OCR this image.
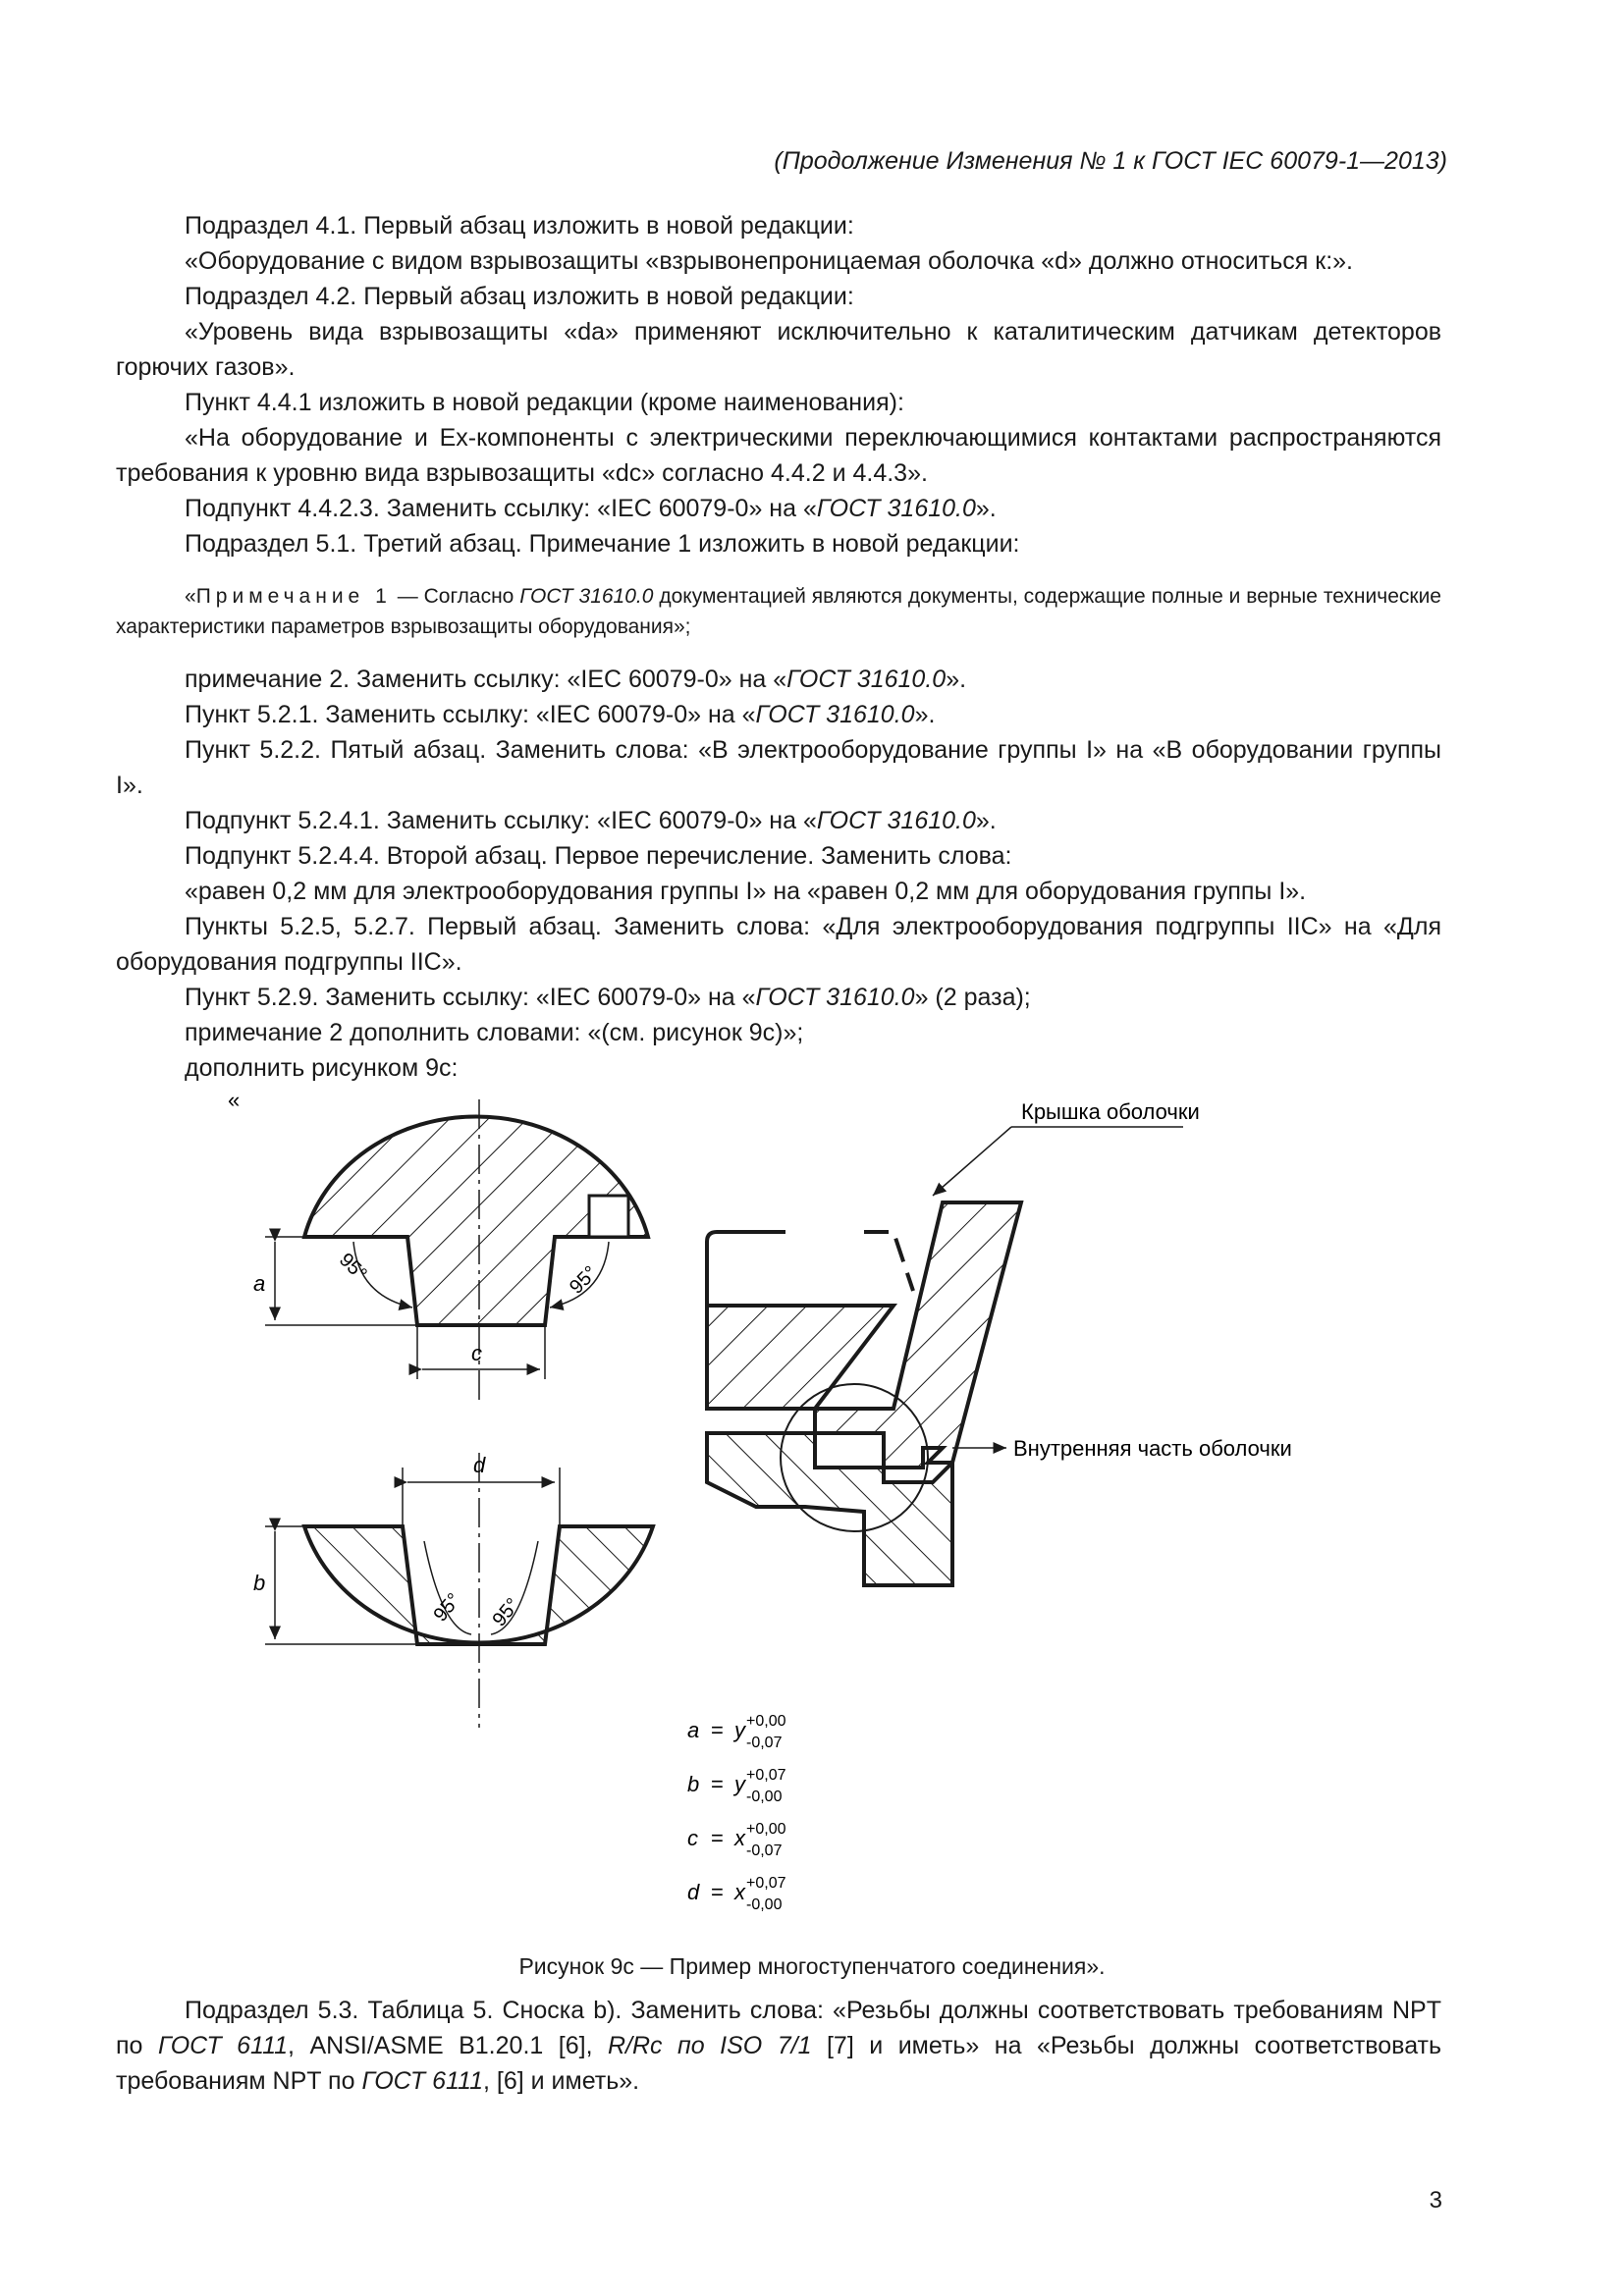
(Продолжение Изменения № 1 к ГОСТ IEC 60079-1—2013)

Подраздел 4.1. Первый абзац изложить в новой редакции:

«Оборудование с видом взрывозащиты «взрывонепроницаемая оболочка «d» должно относиться к:».

Подраздел 4.2. Первый абзац изложить в новой редакции:

«Уровень вида взрывозащиты «da» применяют исключительно к каталитическим датчикам детекторов горючих газов».

Пункт 4.4.1 изложить в новой редакции (кроме наименования):

«На оборудование и Ex-компоненты с электрическими переключающимися контактами распространяются требования к уровню вида взрывозащиты «dc» согласно 4.4.2 и 4.4.3».

Подпункт 4.4.2.3. Заменить ссылку: «IEC 60079-0» на «ГОСТ 31610.0».

Подраздел 5.1. Третий абзац. Примечание 1 изложить в новой редакции:

«Примечание 1 — Согласно ГОСТ 31610.0 документацией являются документы, содержащие полные и верные технические характеристики параметров взрывозащиты оборудования»;

примечание 2. Заменить ссылку: «IEC 60079-0» на «ГОСТ 31610.0».

Пункт 5.2.1. Заменить ссылку: «IEC 60079-0» на «ГОСТ 31610.0».

Пункт 5.2.2. Пятый абзац. Заменить слова: «В электрооборудование группы I» на «В оборудовании группы I».

Подпункт 5.2.4.1. Заменить ссылку: «IEC 60079-0» на «ГОСТ 31610.0».

Подпункт 5.2.4.4. Второй абзац. Первое перечисление. Заменить слова:

«равен 0,2 мм для электрооборудования группы I» на «равен 0,2 мм для оборудования группы I».

Пункты 5.2.5, 5.2.7. Первый абзац. Заменить слова: «Для электрооборудования подгруппы IIC» на «Для оборудования подгруппы IIC».

Пункт 5.2.9. Заменить ссылку: «IEC 60079-0» на «ГОСТ 31610.0» (2 раза);

примечание 2 дополнить словами: «(см. рисунок 9с)»;

дополнить рисунком 9с:

«
a
c
d
b
95°	95°
95° 95°
Крышка оболочки
Внутренняя часть оболочки
a = y +0,00
-0,07
b = y +0,07
-0,00
c = x +0,00
-0,07
d = x +0,07
-0,00
Рисунок 9с — Пример многоступенчатого соединения».

Подраздел 5.3. Таблица 5. Сноска b). Заменить слова: «Резьбы должны соответствовать требованиям NPT по ГОСТ 6111, ANSI/ASME B1.20.1 [6], R/Rc по ISO 7/1 [7] и иметь» на «Резьбы должны соответствовать требованиям NPT по ГОСТ 6111, [6] и иметь».

3
